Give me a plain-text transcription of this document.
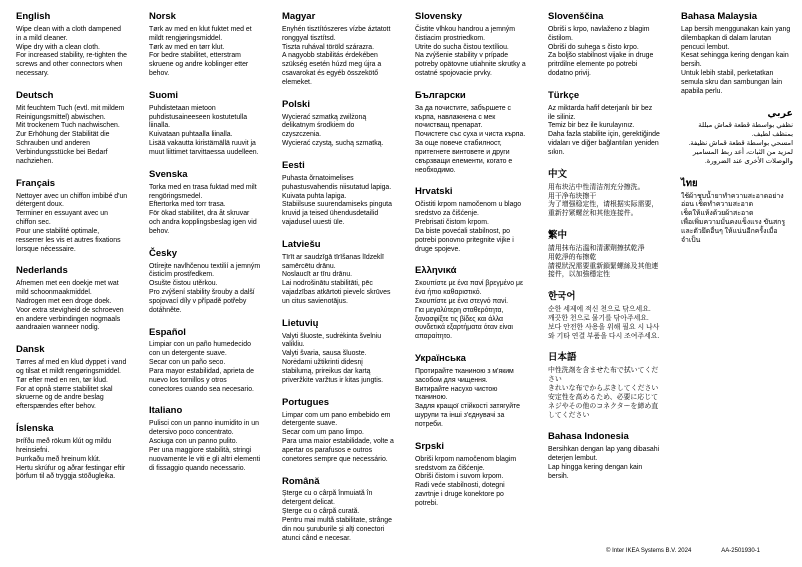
English

Wipe clean with a cloth dampened in a mild cleaner.

Wipe dry with a clean cloth.

For increased stability, re-tighten the screws and other connectors when necessary.

Deutsch

Mit feuchtem Tuch (evtl. mit mildem Reinigungsmittel) abwischen.

Mit trockenem Tuch nachwischen.

Zur Erhöhung der Stabilität die Schrauben und anderen Verbindungsstücke bei Bedarf nachziehen.

Français

Nettoyer avec un chiffon imbibé d'un détergent doux.

Terminer en essuyant avec un chiffon sec.

Pour une stabilité optimale, resserrer les vis et autres fixations lorsque nécessaire.

Nederlands

Afnemen met een doekje met wat mild schoonmaakmiddel.

Nadrogen met een droge doek.

Voor extra stevigheid de schroeven en andere verbindingen nogmaals aandraaien wanneer nodig.

Dansk

Tørres af med en klud dyppet i vand og tilsat et mildt rengøringsmiddel.

Tør efter med en ren, tør klud.

For at opnå større stabilitet skal skruerne og de andre beslag efterspændes efter behov.

Íslenska

Þrífðu með rökum klút og mildu hreinsiefni.

Þurrkaðu með hreinum klút.

Hertu skrúfur og aðrar festingar eftir þörfum til að tryggja stöðugleika.

Norsk

Tørk av med en klut fuktet med et mildt rengjøringsmiddel.

Tørk av med en tørr klut.

For bedre stabilitet, etterstram skruene og andre koblinger etter behov.

Suomi

Puhdistetaan mietoon puhdistusaineeseen kostutetulla liinalla.

Kuivataan puhtaalla liinalla.

Lisää vakautta kiristämällä ruuvit ja muut liittimet tarvittaessa uudelleen.

Svenska

Torka med en trasa fuktad med milt rengöringsmedel.

Eftertorka med torr trasa.

För ökad stabilitet, dra åt skruvar och andra kopplingsbeslag igen vid behov.

Česky

Otírejte navlhčenou textilií a jemným čisticím prostředkem.

Osušte čistou utěrkou.

Pro zvýšení stability šrouby a další spojovací díly v případě potřeby dotáhněte.

Español

Limpiar con un paño humedecido con un detergente suave.

Secar con un paño seco.

Para mayor estabilidad, aprieta de nuevo los tornillos y otros conectores cuando sea necesario.

Italiano

Pulisci con un panno inumidito in un detersivo poco concentrato.

Asciuga con un panno pulito.

Per una maggiore stabilità, stringi nuovamente le viti e gli altri elementi di fissaggio quando necessario.

Magyar

Enyhén tisztítószeres vízbe áztatott ronggyal tisztítsd.

Tiszta ruhával töröld szárazra.

A nagyobb stabilitás érdekében szükség esetén húzd meg újra a csavarokat és egyéb összekötő elemeket.

Polski

Wycierać szmatką zwilżoną delikatnym środkiem do czyszczenia.

Wycierać czystą, suchą szmatką.

Eesti

Puhasta õrnatoimelises puhastusvahendis niisutatud lapiga.

Kuivata puhta lapiga.

Stabiilsuse suurendamiseks pinguta kruvid ja teised ühendusdetailid vajadusel uuesti üle.

Latviešu

Tīrīt ar saudzīgā tīrīšanas līdzeklī samērcētu drānu.

Noslaucīt ar tīru drānu.

Lai nodrošinātu stabilitāti, pēc vajadzības atkārtoti pievelc skrūves un citus savienotājus.

Lietuvių

Valyti šluoste, sudrėkinta švelniu valikliu.

Valyti švaria, sausa šluoste.

Norėdami užtikrinti didesnį stabilumą, prireikus dar kartą priveržkite varžtus ir kitas jungtis.

Portugues

Limpar com um pano embebido em detergente suave.

Secar com um pano limpo.

Para uma maior estabilidade, volte a apertar os parafusos e outros conetores sempre que necessário.

Română

Șterge cu o cârpă înmuiată în detergent delicat.

Șterge cu o cârpă curată.

Pentru mai multă stabilitate, strânge din nou șuruburile și alți conectori atunci când e necesar.

Slovensky

Čistite vlhkou handrou a jemným čistiacim prostriedkom.

Utrite do sucha čistou textíliou.

Na zvýšenie stability v prípade potreby opätovne utiahnite skrutky a ostatné spojovacie prvky.

Български

За да почистите, забършете с кърпа, навлажнена с мек почистващ препарат.

Почистете със суха и чиста кърпа.

За още повече стабилност, притегнете винтовете и други свързващи елементи, когато е необходимо.

Hrvatski

Očistiti krpom namočenom u blago sredstvo za čišćenje.

Prebrisati čistom krpom.

Da biste povećali stabilnost, po potrebi ponovno pritegnite vijke i druge spojeve.

Ελληνικά

Σκουπίστε με ένα πανί βρεγμένο με ένα ήπιο καθαριστικό.

Σκουπίστε με ένα στεγνό πανί.

Για μεγαλύτερη σταθερότητα, ξανασφίξτε τις βίδες και άλλα συνδετικά εξαρτήματα όταν είναι απαραίτητο.

Українська

Протирайте тканиною з м'яким засобом для чищення.

Витирайте насухо чистою тканиною.

Задля кращої стійкості затягуйте шурупи та інші з'єднувачі за потреби.

Srpski

Obriši krpom namočenom blagim sredstvom za čišćenje.

Obriši čistom i suvom krpom.

Radi veće stabilnosti, dotegni zavrtnje i druge konektore po potrebi.

Slovenščina

Obriši s krpo, navlaženo z blagim čistilom.

Obriši do suhega s čisto krpo.

Za boljšo stabilnost vijake in druge pritrdilne elemente po potrebi dodatno privij.

Türkçe

Az miktarda hafif deterjanlı bir bez ile siliniz.

Temiz bir bez ile kurulayınız.

Daha fazla stabilite için, gerektiğinde vidaları ve diğer bağlantıları yeniden sıkın.

中文

用布块沾中性清洁剂充分擦洗。

用干净布块擦干

为了增强稳定性，请根据实际需要，重新拧紧螺丝和其他连接件。

繁中

請用抹布沾溫和清潔劑擦拭乾淨

用乾淨的布擦乾

請視狀況需要重新鎖緊螺絲及其他連接件，以加強穩定性

한국어

순한 세제에 적신 천으로 닦으세요.

깨끗한 천으로 물기를 닦아주세요.

보다 안전한 사용을 위해 필요 시 나사와 기타 연결 부품을 다시 조여주세요.

日本語

中性洗剤を含ませた布で拭いてください

きれいな布でからぶきしてください

安定性を高めるため、必要に応じてネジやその他のコネクターを締め直してください

Bahasa Indonesia

Bersihkan dengan lap yang dibasahi deterjen lembut.

Lap hingga kering dengan kain bersih.

Bahasa Malaysia

Lap bersih menggunakan kain yang dilembapkan di dalam larutan pencuci lembut.

Kesat sehingga kering dengan kain bersih.

Untuk lebih stabil, perketatkan semula skru dan sambungan lain apabila perlu.

عربي

نظفي بواسطة قطعة قماش مبللة بمنظف لطيف.

امسحي بواسطة قطعة قماش نظيفة.

لمزيد من الثبات، أعد ربط المسامير والوصلات الأخرى عند الضرورة.

ไทย

ใช้ผ้าชุบน้ำยาทำความสะอาดอย่างอ่อน เช็ดทำความสะอาด

เช็ดให้แห้งด้วยผ้าสะอาด

เพื่อเพิ่มความมั่นคงแข็งแรง ขันสกรูและตัวยึดอื่นๆ ให้แน่นอีกครั้งเมื่อจำเป็น

© Inter IKEA Systems B.V. 2024	AA-2501930-1
